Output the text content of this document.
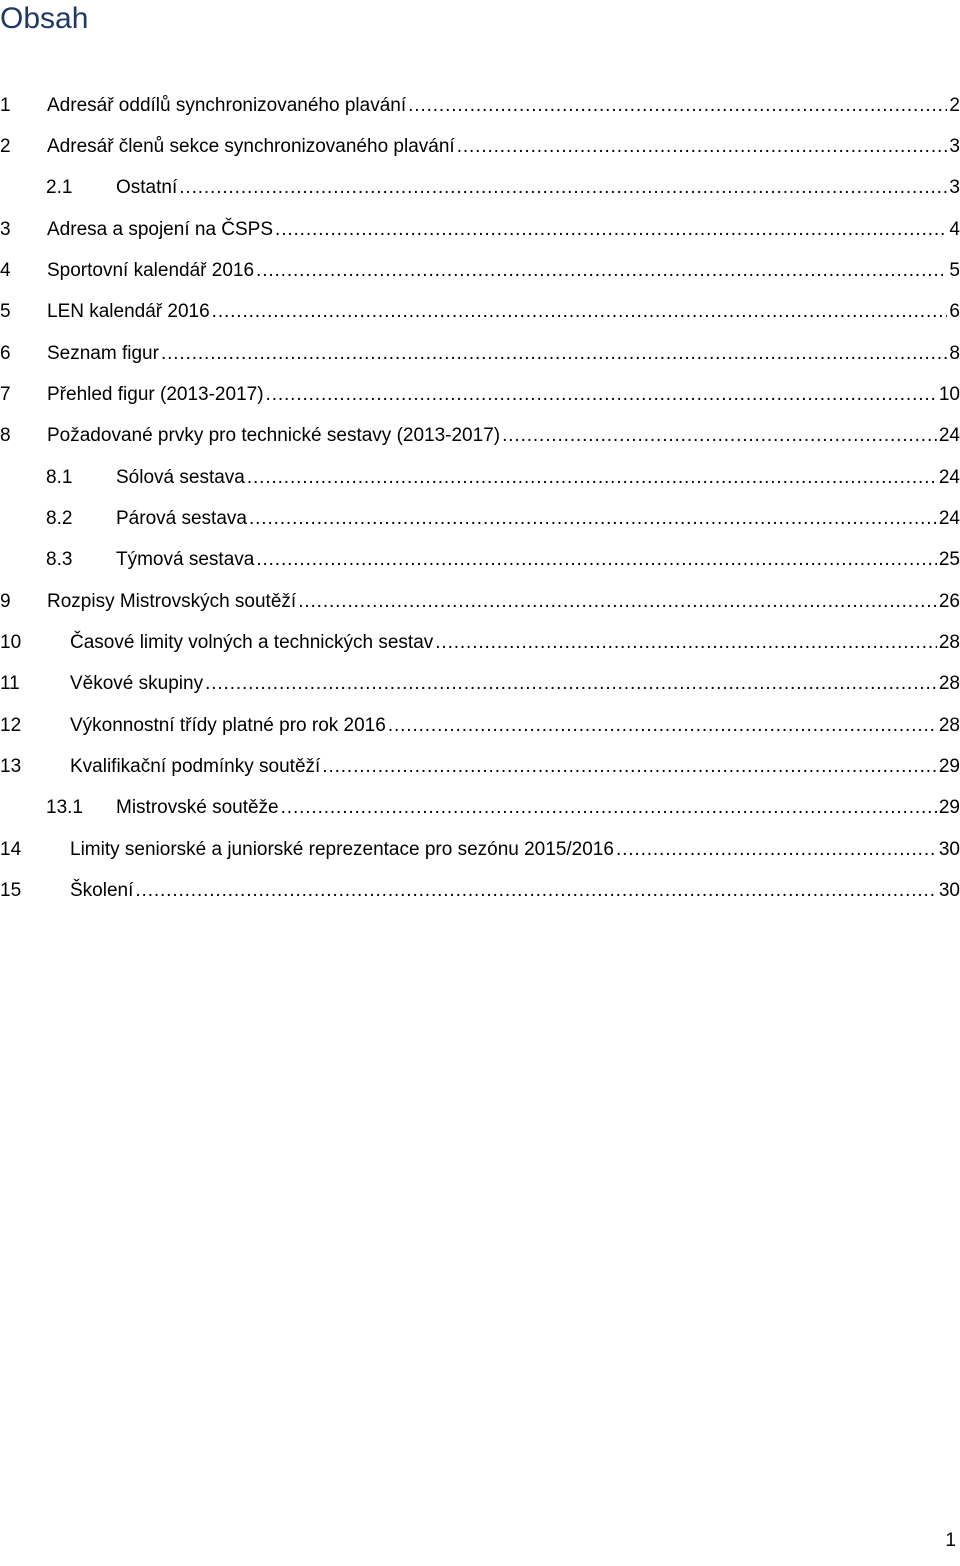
Obsah
1	Adresář oddílů synchronizovaného plavání . . .	2
2	Adresář členů sekce synchronizovaného plavání . . .	3
2.1	Ostatní . . .	3
3	Adresa a spojení na ČSPS . . .	4
4	Sportovní kalendář 2016 . . .	5
5	LEN kalendář 2016 . . .	6
6	Seznam figur . . .	8
7	Přehled figur (2013-2017) . . .	10
8	Požadované prvky pro technické sestavy (2013-2017) . . .	24
8.1	Sólová sestava . . .	24
8.2	Párová sestava . . .	24
8.3	Týmová sestava . . .	25
9	Rozpisy Mistrovských soutěží . . .	26
10	Časové limity volných a technických sestav . . .	28
11	Věkové skupiny . . .	28
12	Výkonnostní třídy platné pro rok 2016 . . .	28
13	Kvalifikační podmínky soutěží . . .	29
13.1	Mistrovské soutěže . . .	29
14	Limity seniorské a juniorské reprezentace pro sezónu 2015/2016 . . .	30
15	Školení . . .	30
1
